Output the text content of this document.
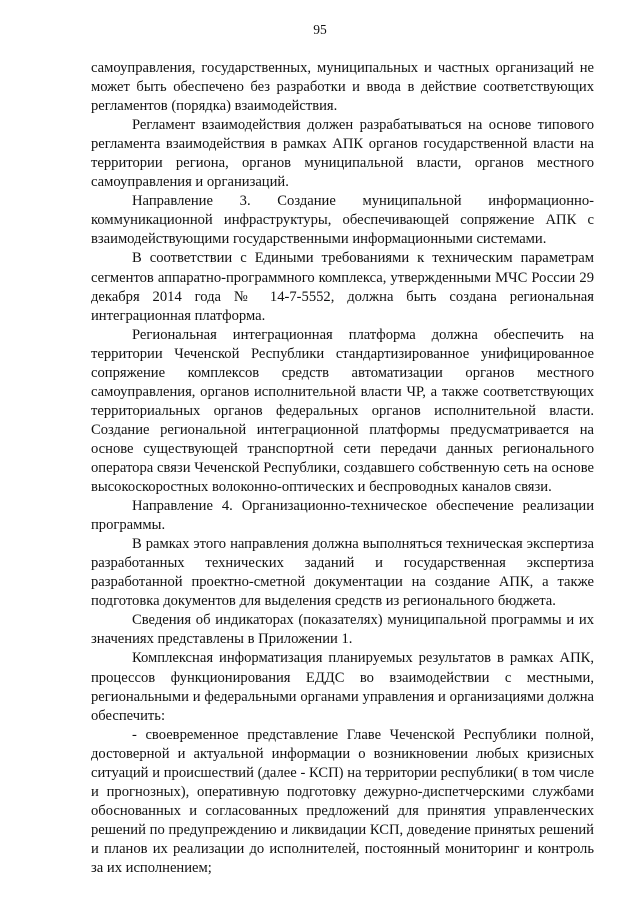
95

самоуправления, государственных, муниципальных и частных организаций не может быть обеспечено без разработки и ввода в действие соответствующих регламентов (порядка) взаимодействия.

Регламент взаимодействия должен разрабатываться на основе типового регламента взаимодействия в рамках АПК органов государственной власти на территории региона, органов муниципальной власти, органов местного самоуправления и организаций.

Направление 3. Создание муниципальной информационно-коммуникационной инфраструктуры, обеспечивающей сопряжение АПК с взаимодействующими государственными информационными системами.

В соответствии с Едиными требованиями к техническим параметрам сегментов аппаратно-программного комплекса, утвержденными МЧС России 29 декабря 2014 года № 14-7-5552, должна быть создана региональная интеграционная платформа.

Региональная интеграционная платформа должна обеспечить на территории Чеченской Республики стандартизированное унифицированное сопряжение комплексов средств автоматизации органов местного самоуправления, органов исполнительной власти ЧР, а также соответствующих территориальных органов федеральных органов исполнительной власти. Создание региональной интеграционной платформы предусматривается на основе существующей транспортной сети передачи данных регионального оператора связи Чеченской Республики, создавшего собственную сеть на основе высокоскоростных волоконно-оптических и беспроводных каналов связи.

Направление 4. Организационно-техническое обеспечение реализации программы.

В рамках этого направления должна выполняться техническая экспертиза разработанных технических заданий и государственная экспертиза разработанной проектно-сметной документации на создание АПК, а также подготовка документов для выделения средств из регионального бюджета.

Сведения об индикаторах (показателях) муниципальной программы и их значениях представлены в Приложении 1.

Комплексная информатизация планируемых результатов в рамках АПК, процессов функционирования ЕДДС во взаимодействии с местными, региональными и федеральными органами управления и организациями должна обеспечить:

- своевременное представление Главе Чеченской Республики полной, достоверной и актуальной информации о возникновении любых кризисных ситуаций и происшествий (далее - КСП) на территории республики( в том числе и прогнозных), оперативную подготовку дежурно-диспетчерскими службами обоснованных и согласованных предложений для принятия управленческих решений по предупреждению и ликвидации КСП, доведение принятых решений и планов их реализации до исполнителей, постоянный мониторинг и контроль за их исполнением;
